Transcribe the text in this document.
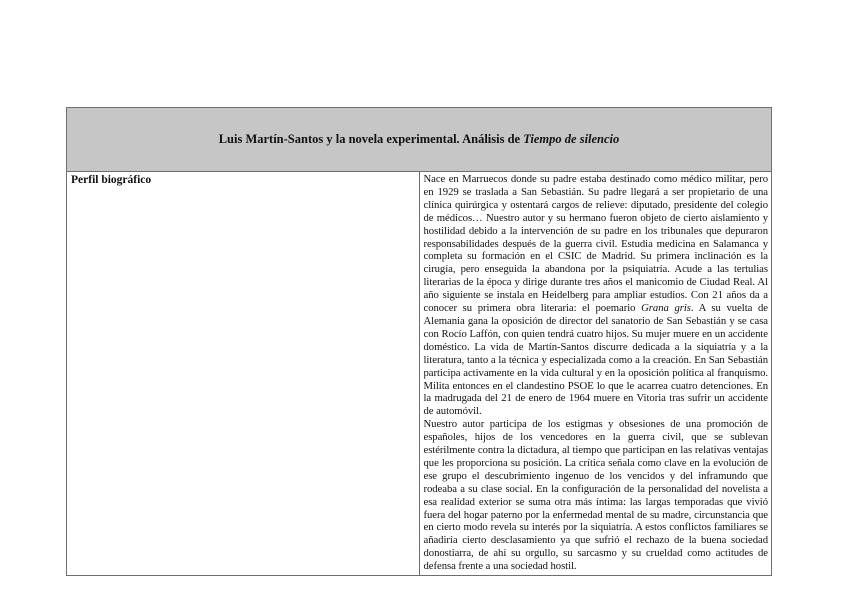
Luis Martín-Santos y la novela experimental. Análisis de Tiempo de silencio
Perfil biográfico	Nace en Marruecos donde su padre estaba destinado como médico militar, pero en 1929 se traslada a San Sebastián. Su padre llegará a ser propietario de una clínica quirúrgica y ostentará cargos de relieve: diputado, presidente del colegio de médicos… Nuestro autor y su hermano fueron objeto de cierto aislamiento y hostilidad debido a la intervención de su padre en los tribunales que depuraron responsabilidades después de la guerra civil. Estudia medicina en Salamanca y completa su formación en el CSIC de Madrid. Su primera inclinación es la cirugía, pero enseguida la abandona por la psiquiatría. Acude a las tertulias literarias de la época y dirige durante tres años el manicomio de Ciudad Real. Al año siguiente se instala en Heidelberg para ampliar estudios. Con 21 años da a conocer su primera obra literaria: el poemario Grana gris. A su vuelta de Alemania gana la oposición de director del sanatorio de San Sebastián y se casa con Rocío Laffón, con quien tendrá cuatro hijos. Su mujer muere en un accidente doméstico. La vida de Martín-Santos discurre dedicada a la siquiatría y a la literatura, tanto a la técnica y especializada como a la creación. En San Sebastián participa activamente en la vida cultural y en la oposición política al franquismo. Milita entonces en el clandestino PSOE lo que le acarrea cuatro detenciones. En la madrugada del 21 de enero de 1964 muere en Vitoria tras sufrir un accidente de automóvil.

Nuestro autor participa de los estigmas y obsesiones de una promoción de españoles, hijos de los vencedores en la guerra civil, que se sublevan estérilmente contra la dictadura, al tiempo que participan en las relativas ventajas que les proporciona su posición. La crítica señala como clave en la evolución de ese grupo el descubrimiento ingenuo de los vencidos y del inframundo que rodeaba a su clase social. En la configuración de la personalidad del novelista a esa realidad exterior se suma otra más íntima: las largas temporadas que vivió fuera del hogar paterno por la enfermedad mental de su madre, circunstancia que en cierto modo revela su interés por la siquiatría. A estos conflictos familiares se añadiría cierto desclasamiento ya que sufrió el rechazo de la buena sociedad donostiarra, de ahí su orgullo, su sarcasmo y su crueldad como actitudes de defensa frente a una sociedad hostil.
